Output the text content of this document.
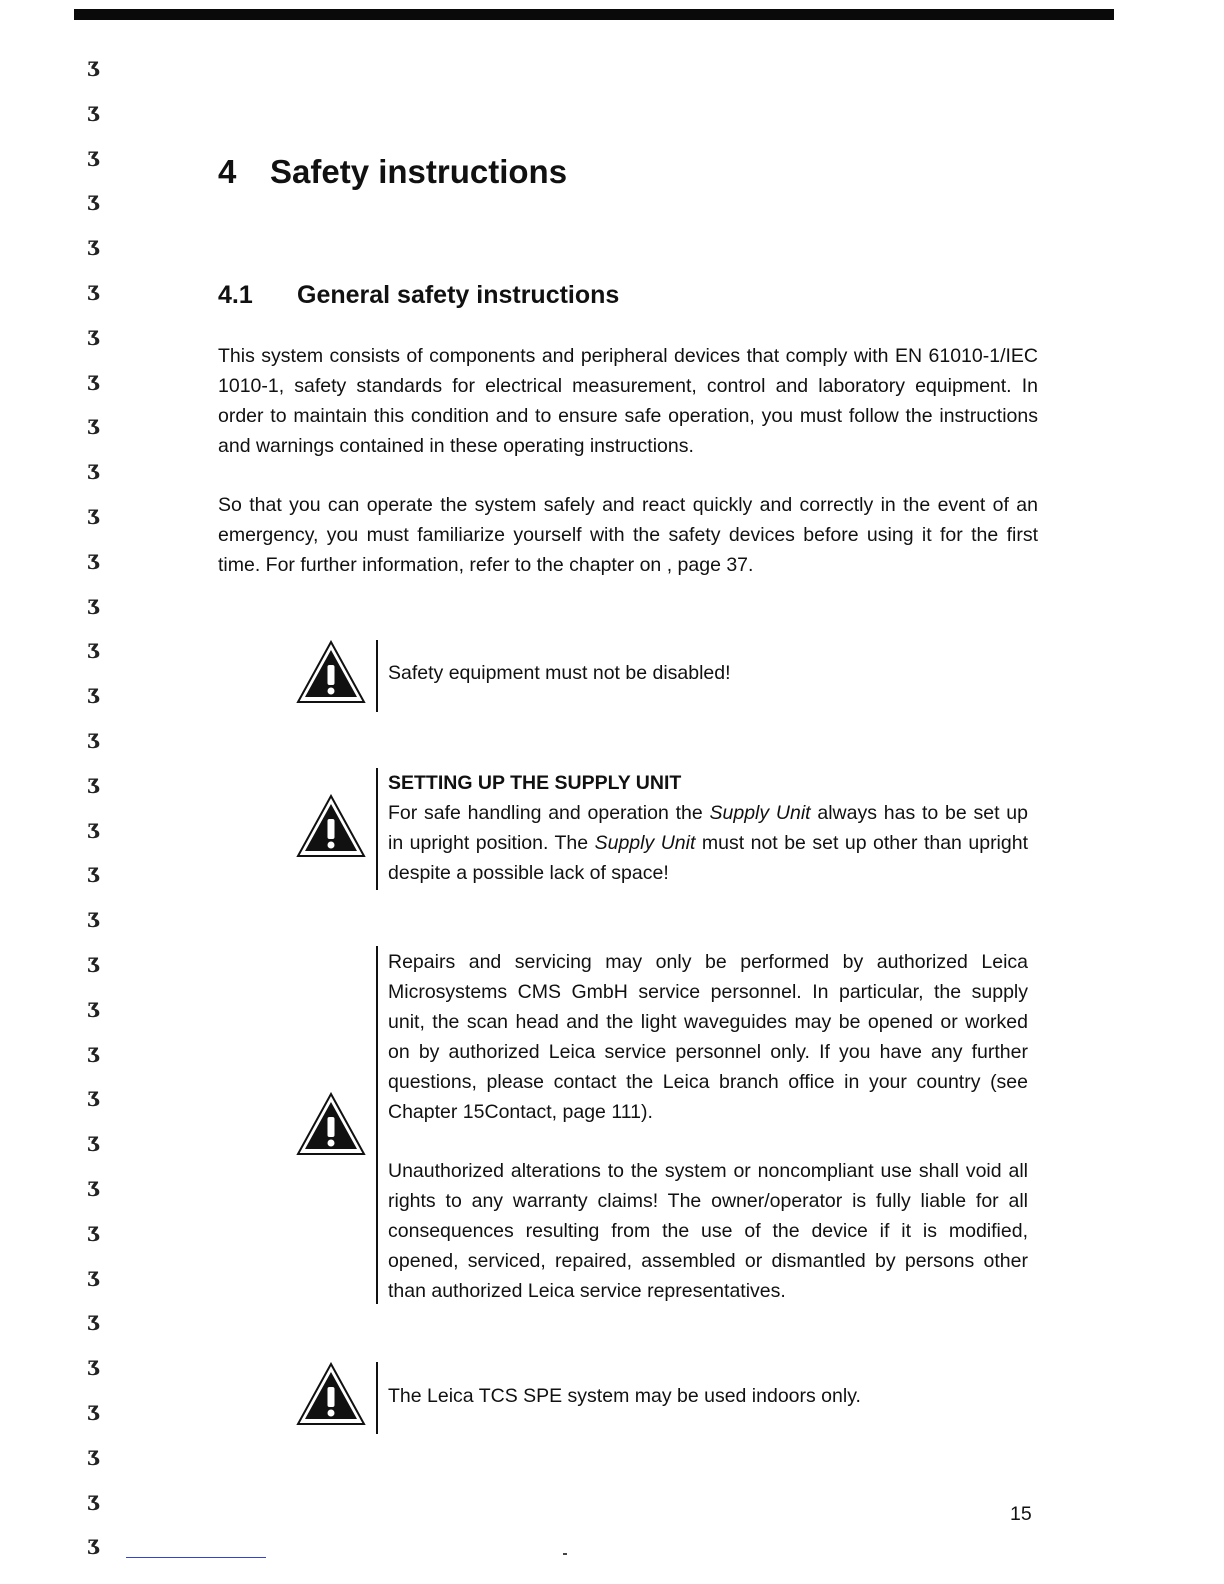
Ʒ
Ʒ
Ʒ
Ʒ
Ʒ
Ʒ
Ʒ
Ʒ
Ʒ
Ʒ
Ʒ
Ʒ
Ʒ
Ʒ
Ʒ
Ʒ
Ʒ
Ʒ
Ʒ
Ʒ
Ʒ
Ʒ
Ʒ
Ʒ
Ʒ
Ʒ
Ʒ
Ʒ
Ʒ
Ʒ
Ʒ
Ʒ
Ʒ
Ʒ
4 Safety instructions
4.1 General safety instructions

This system consists of components and peripheral devices that comply with EN 61010-1/IEC 1010-1, safety standards for electrical measurement, control and laboratory equipment. In order to maintain this condition and to ensure safe operation, you must follow the instructions and warnings contained in these operating instructions.

So that you can operate the system safely and react quickly and correctly in the event of an emergency, you must familiarize yourself with the safety devices before using it for the first time. For further information, refer to the chapter on , page 37.

Safety equipment must not be disabled!
SETTING UP THE SUPPLY UNIT

For safe handling and operation the Supply Unit always has to be set up in upright position. The Supply Unit must not be set up other than upright despite a possible lack of space!

Repairs and servicing may only be performed by authorized Leica Microsystems CMS GmbH service personnel. In particular, the supply unit, the scan head and the light waveguides may be opened or worked on by authorized Leica service personnel only. If you have any further questions, please contact the Leica branch office in your country (see Chapter 15Contact, page 111).

Unauthorized alterations to the system or noncompliant use shall void all rights to any warranty claims! The owner/operator is fully liable for all consequences resulting from the use of the device if it is modified, opened, serviced, repaired, assembled or dismantled by persons other than authorized Leica service representatives.

The Leica TCS SPE system may be used indoors only.
15
